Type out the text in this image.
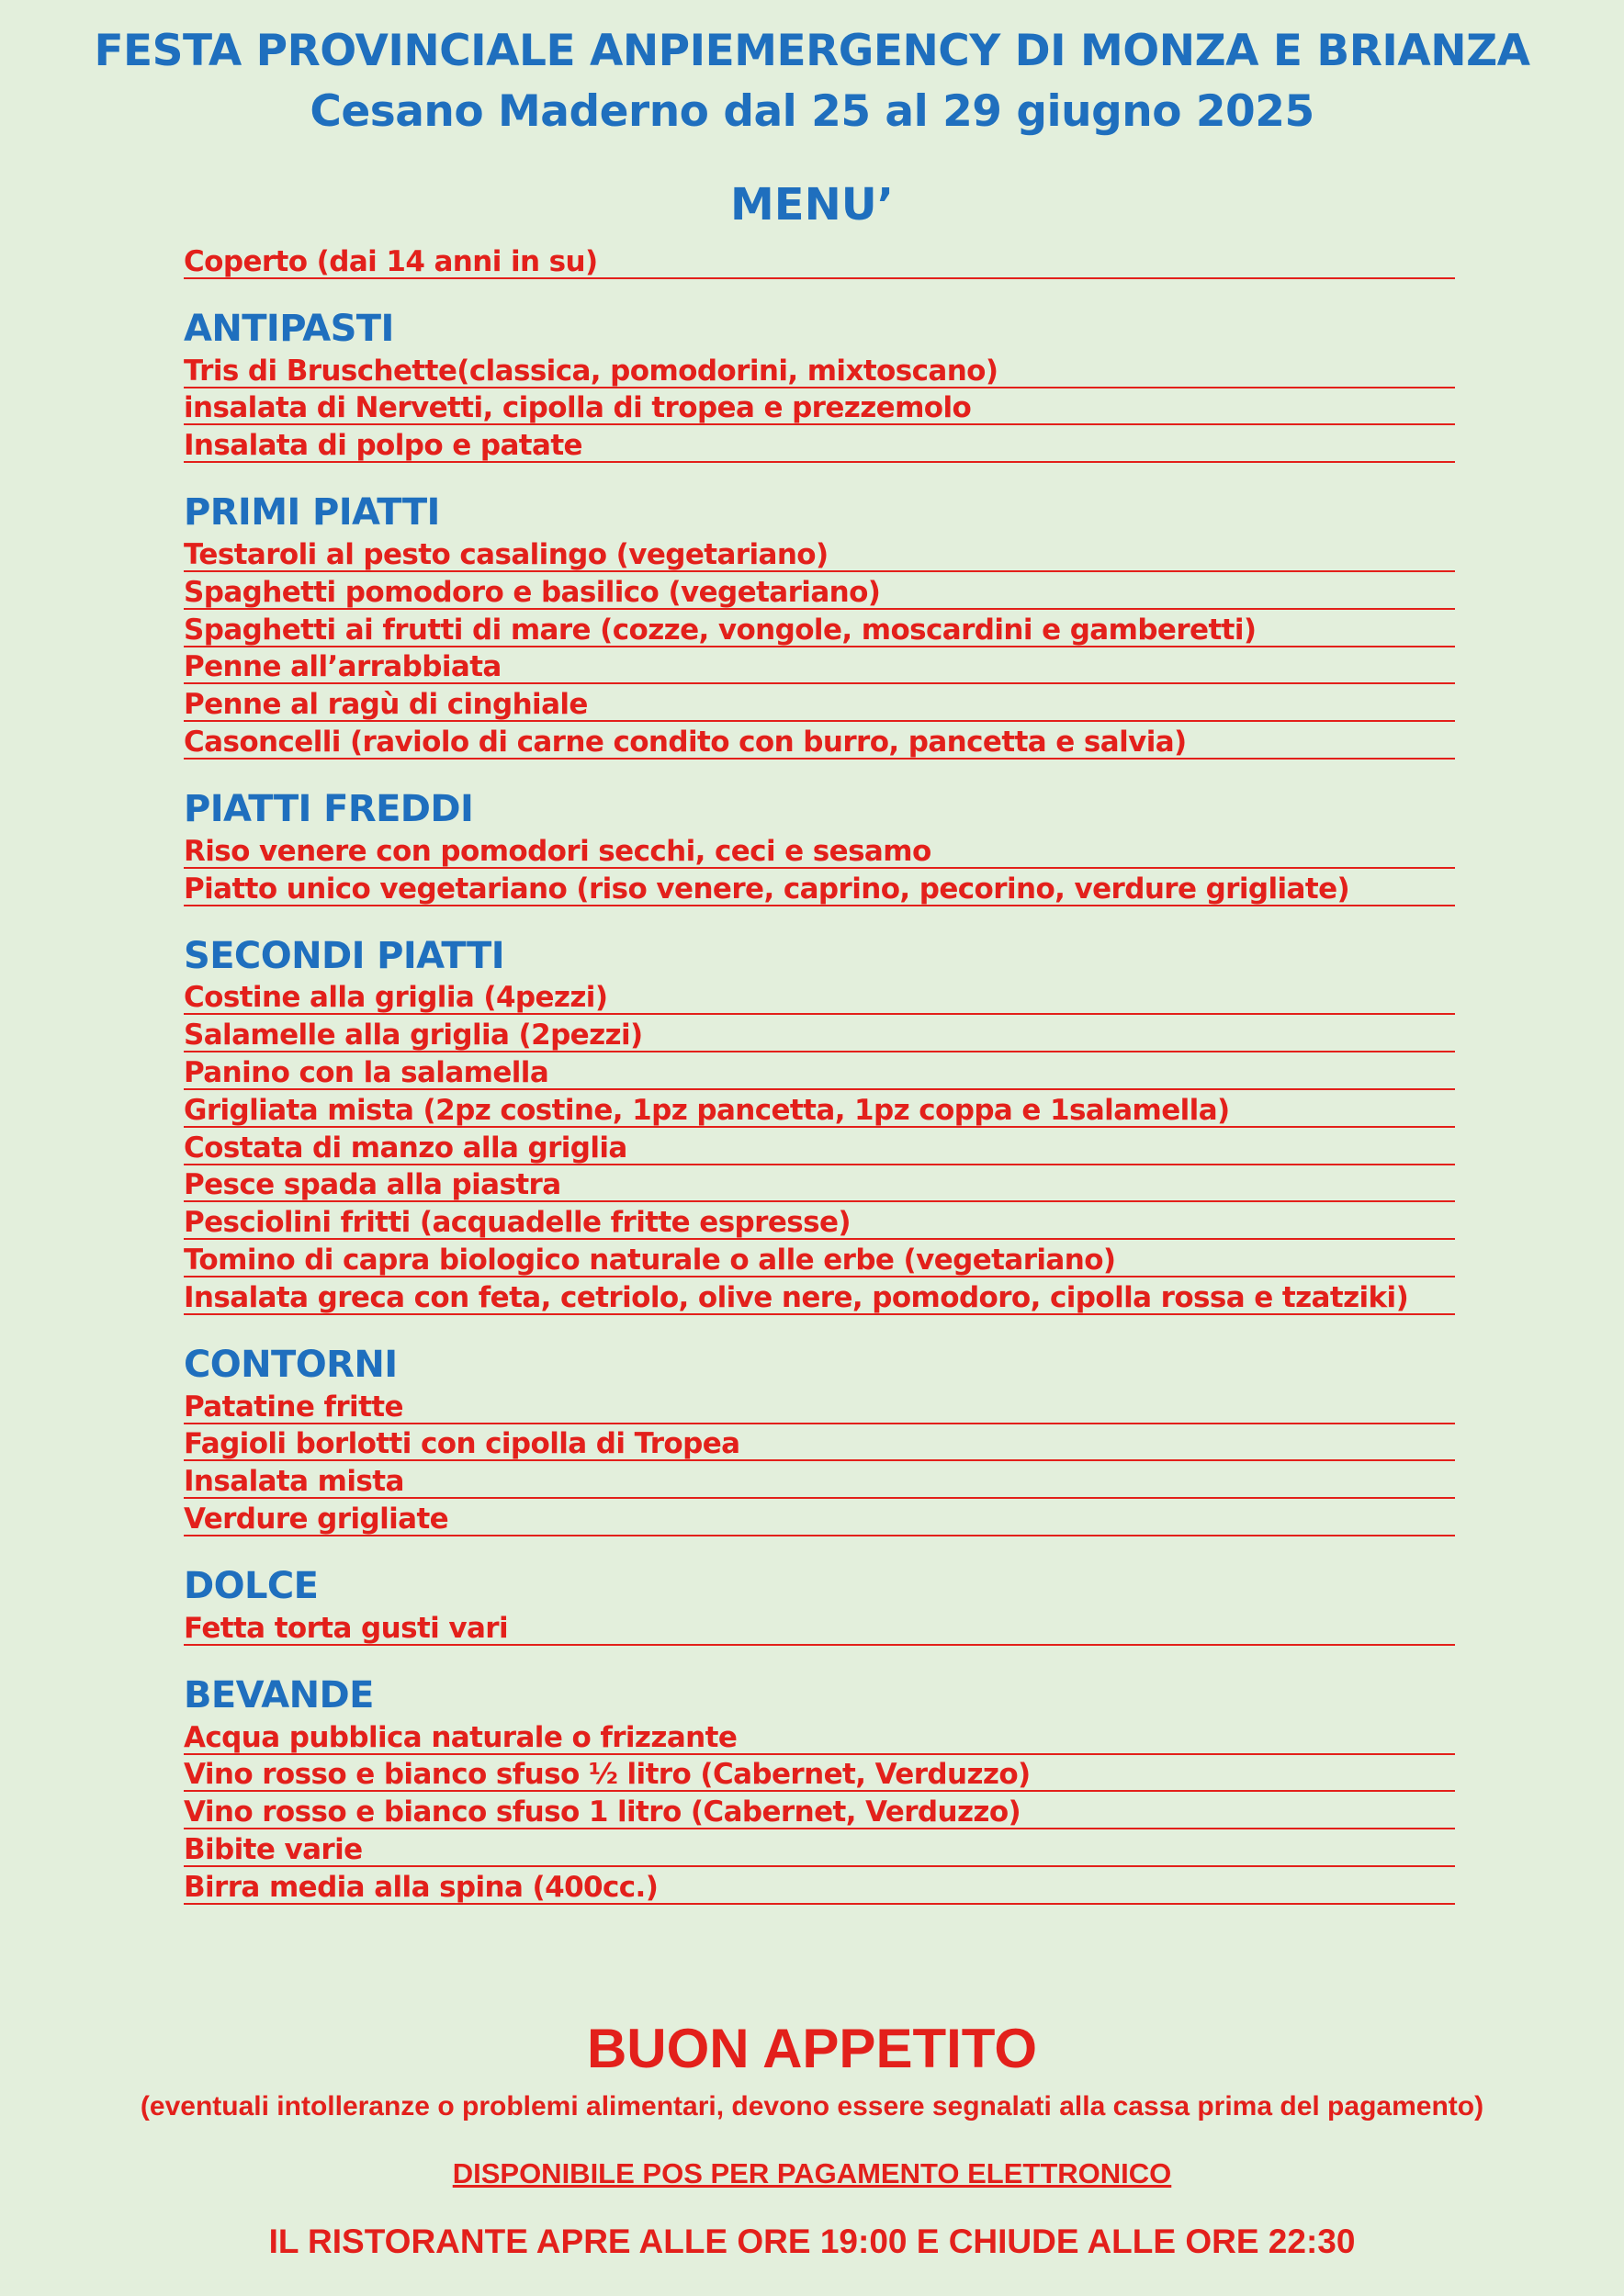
FESTA PROVINCIALE ANPIEMERGENCY DI MONZA E BRIANZA
Cesano Maderno dal 25 al 29 giugno 2025
MENU’
Coperto (dai 14 anni in su)
ANTIPASTI
Tris di Bruschette(classica, pomodorini, mixtoscano)
insalata di Nervetti, cipolla di tropea e prezzemolo
Insalata di polpo e patate
PRIMI PIATTI
Testaroli al pesto casalingo (vegetariano)
Spaghetti pomodoro e basilico (vegetariano)
Spaghetti ai frutti di mare (cozze, vongole, moscardini e gamberetti)
Penne all’arrabbiata
Penne al ragù di cinghiale
Casoncelli (raviolo di carne condito con burro, pancetta e salvia)
PIATTI FREDDI
Riso venere con pomodori secchi, ceci e sesamo
Piatto unico vegetariano (riso venere, caprino, pecorino, verdure grigliate)
SECONDI PIATTI
Costine alla griglia (4pezzi)
Salamelle alla griglia (2pezzi)
Panino con la salamella
Grigliata mista (2pz costine, 1pz pancetta, 1pz coppa e 1salamella)
Costata di manzo alla griglia
Pesce spada alla piastra
Pesciolini fritti (acquadelle fritte espresse)
Tomino di capra biologico naturale o alle erbe (vegetariano)
Insalata greca con feta, cetriolo, olive nere, pomodoro, cipolla rossa e tzatziki)
CONTORNI
Patatine fritte
Fagioli borlotti con cipolla di Tropea
Insalata mista
Verdure grigliate
DOLCE
Fetta torta gusti vari
BEVANDE
Acqua pubblica naturale o frizzante
Vino rosso e bianco sfuso ½ litro (Cabernet, Verduzzo)
Vino rosso e bianco sfuso 1 litro (Cabernet, Verduzzo)
Bibite varie
Birra media alla spina (400cc.)
BUON APPETITO
(eventuali intolleranze o problemi alimentari, devono essere segnalati alla cassa prima del pagamento)
DISPONIBILE POS PER PAGAMENTO ELETTRONICO
IL RISTORANTE APRE ALLE ORE 19:00 E CHIUDE ALLE ORE 22:30
